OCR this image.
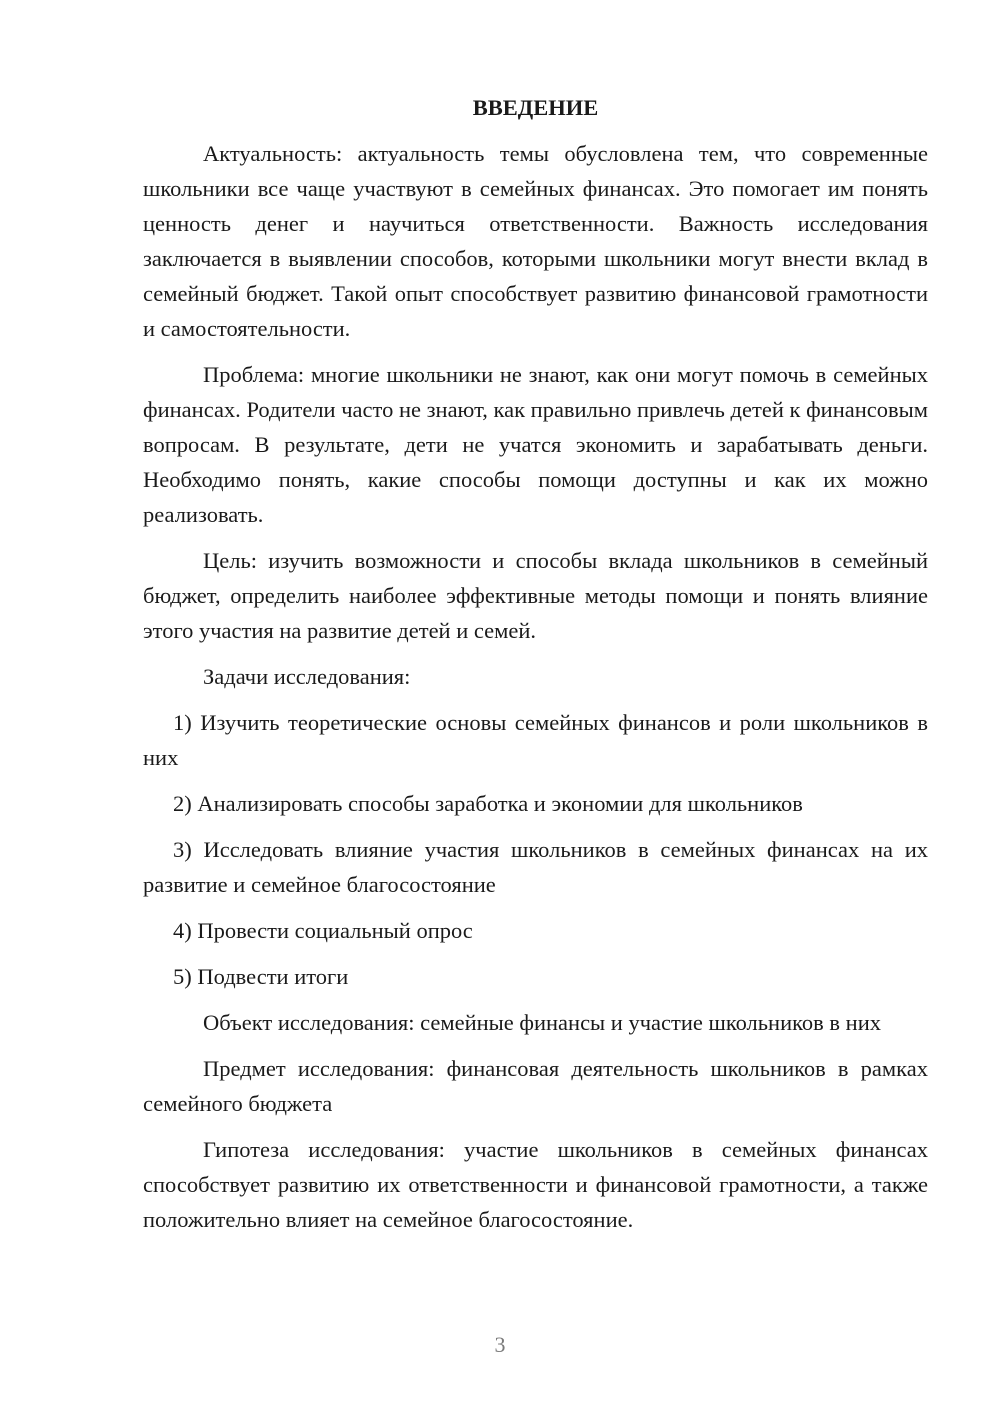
ВВЕДЕНИЕ

Актуальность: актуальность темы обусловлена тем, что современные школьники все чаще участвуют в семейных финансах. Это помогает им понять ценность денег и научиться ответственности. Важность исследования заключается в выявлении способов, которыми школьники могут внести вклад в семейный бюджет. Такой опыт способствует развитию финансовой грамотности и самостоятельности.

Проблема: многие школьники не знают, как они могут помочь в семейных финансах. Родители часто не знают, как правильно привлечь детей к финансовым вопросам. В результате, дети не учатся экономить и зарабатывать деньги. Необходимо понять, какие способы помощи доступны и как их можно реализовать.

Цель: изучить возможности и способы вклада школьников в семейный бюджет, определить наиболее эффективные методы помощи и понять влияние этого участия на развитие детей и семей.

Задачи исследования:

1) Изучить теоретические основы семейных финансов и роли школьников в них

2) Анализировать способы заработка и экономии для школьников

3) Исследовать влияние участия школьников в семейных финансах на их развитие и семейное благосостояние

4) Провести социальный опрос

5) Подвести итоги

Объект исследования: семейные финансы и участие школьников в них

Предмет исследования: финансовая деятельность школьников в рамках семейного бюджета

Гипотеза исследования: участие школьников в семейных финансах способствует развитию их ответственности и финансовой грамотности, а также положительно влияет на семейное благосостояние.

3
